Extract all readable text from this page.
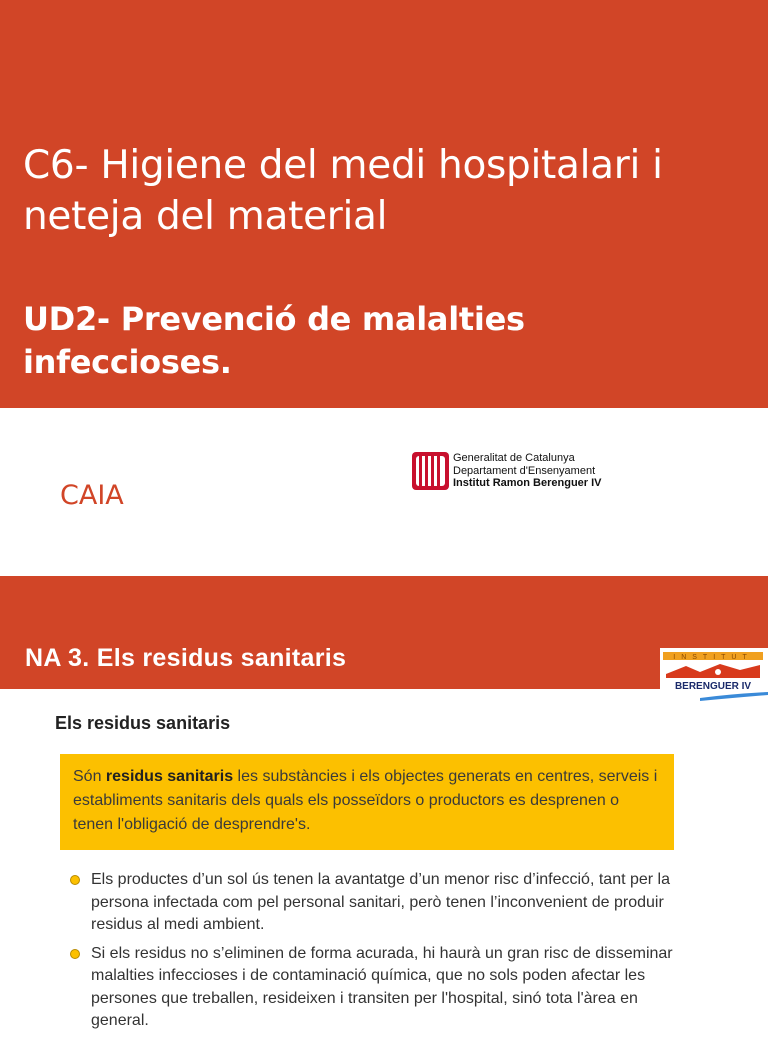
C6- Higiene del medi hospitalari i neteja del material
UD2- Prevenció de malalties infeccioses.
CAIA
Generalitat de Catalunya
Departament d'Ensenyament
Institut Ramon Berenguer IV
NA 3. Els residus sanitaris	INSTITUT
BERENGUER IV
Els residus sanitaris
Són residus sanitaris les substàncies i els objectes generats en centres, serveis i establiments sanitaris dels quals els posseïdors o productors es desprenen o tenen l'obligació de desprendre's.
Els productes d’un sol ús tenen la avantatge d’un menor risc d’infecció, tant per la persona infectada com pel personal sanitari, però tenen l’inconvenient de produir residus al medi ambient.
Si els residus no s’eliminen de forma acurada, hi haurà un gran risc de disseminar malalties infeccioses i de contaminació química, que no sols poden afectar les persones que treballen, resideixen i transiten per l'hospital, sinó tota l'àrea en general.
